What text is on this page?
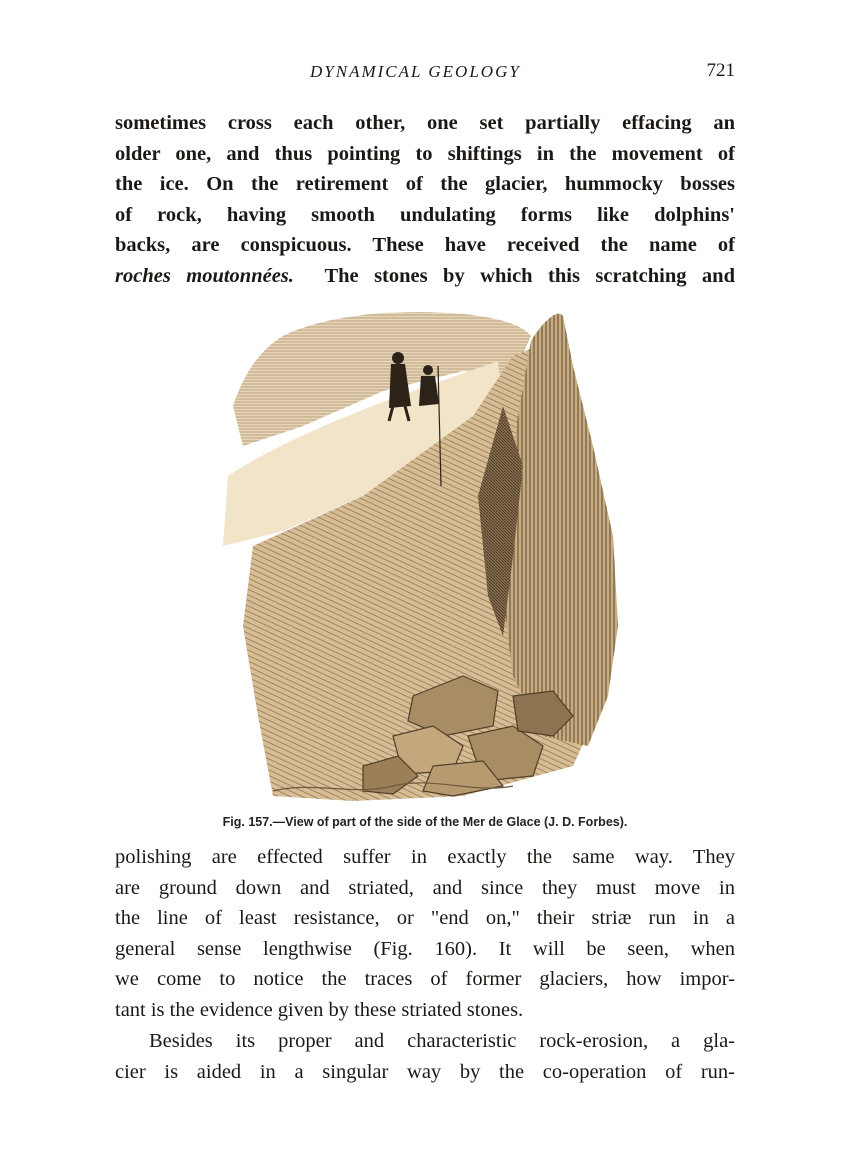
DYNAMICAL GEOLOGY	721
sometimes cross each other, one set partially effacing an
older one, and thus pointing to shiftings in the movement of
the ice. On the retirement of the glacier, hummocky bosses
of rock, having smooth undulating forms like dolphins'
backs, are conspicuous. These have received the name of
roches moutonnées.  The stones by which this scratching and
Fig. 157.—View of part of the side of the Mer de Glace (J. D. Forbes).
polishing are effected suffer in exactly the same way. They
are ground down and striated, and since they must move in
the line of least resistance, or "end on," their striæ run in a
general sense lengthwise (Fig. 160). It will be seen, when
we come to notice the traces of former glaciers, how impor-
tant is the evidence given by these striated stones.
Besides its proper and characteristic rock-erosion, a gla-
cier is aided in a singular way by the co-operation of run-
